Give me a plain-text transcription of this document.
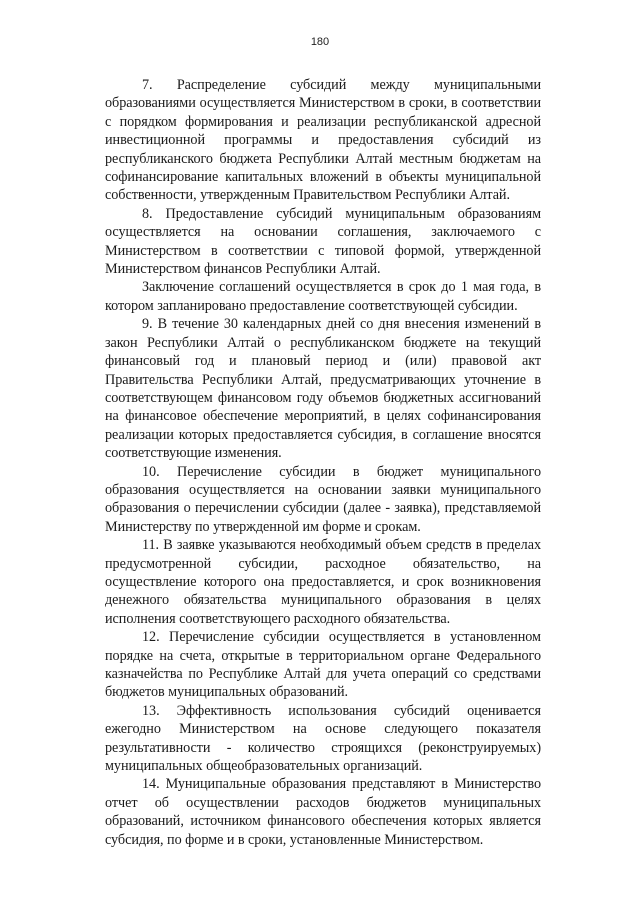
180

7. Распределение субсидий между муниципальными образованиями осуществляется Министерством в сроки, в соответствии с порядком формирования и реализации республиканской адресной инвестиционной программы и предоставления субсидий из республиканского бюджета Республики Алтай местным бюджетам на софинансирование капитальных вложений в объекты муниципальной собственности, утвержденным Правительством Республики Алтай.

8. Предоставление субсидий муниципальным образованиям осуществляется на основании соглашения, заключаемого с Министерством в соответствии с типовой формой, утвержденной Министерством финансов Республики Алтай.

Заключение соглашений осуществляется в срок до 1 мая года, в котором запланировано предоставление соответствующей субсидии.

9. В течение 30 календарных дней со дня внесения изменений в закон Республики Алтай о республиканском бюджете на текущий финансовый год и плановый период и (или) правовой акт Правительства Республики Алтай, предусматривающих уточнение в соответствующем финансовом году объемов бюджетных ассигнований на финансовое обеспечение мероприятий, в целях софинансирования реализации которых предоставляется субсидия, в соглашение вносятся соответствующие изменения.

10. Перечисление субсидии в бюджет муниципального образования осуществляется на основании заявки муниципального образования о перечислении субсидии (далее - заявка), представляемой Министерству по утвержденной им форме и срокам.

11. В заявке указываются необходимый объем средств в пределах предусмотренной субсидии, расходное обязательство, на осуществление которого она предоставляется, и срок возникновения денежного обязательства муниципального образования в целях исполнения соответствующего расходного обязательства.

12. Перечисление субсидии осуществляется в установленном порядке на счета, открытые в территориальном органе Федерального казначейства по Республике Алтай для учета операций со средствами бюджетов муниципальных образований.

13. Эффективность использования субсидий оценивается ежегодно Министерством на основе следующего показателя результативности - количество строящихся (реконструируемых) муниципальных общеобразовательных организаций.

14. Муниципальные образования представляют в Министерство отчет об осуществлении расходов бюджетов муниципальных образований, источником финансового обеспечения которых является субсидия, по форме и в сроки, установленные Министерством.
